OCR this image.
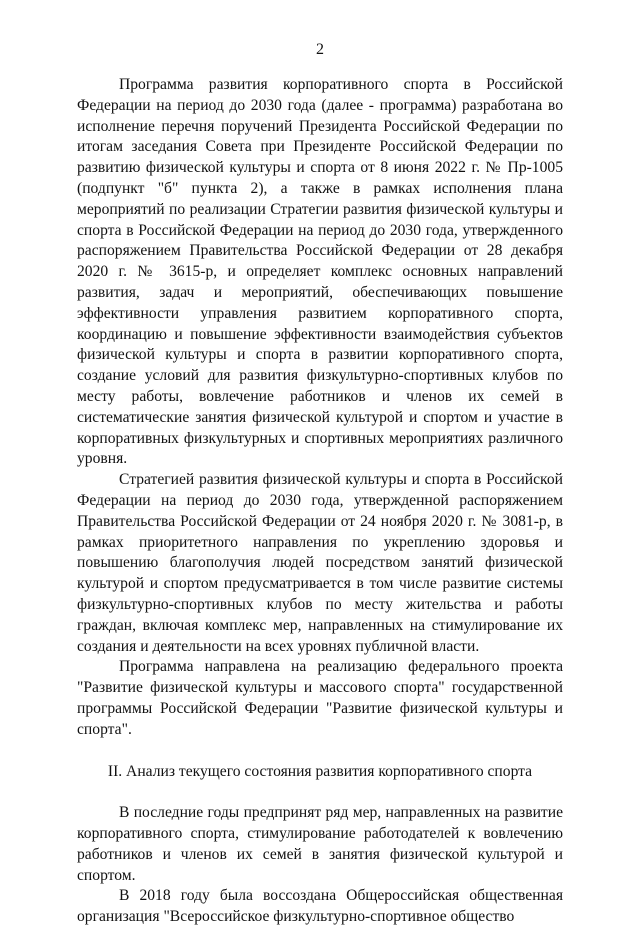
2

Программа развития корпоративного спорта в Российской Федерации на период до 2030 года (далее - программа) разработана во исполнение перечня поручений Президента Российской Федерации по итогам заседания Совета при Президенте Российской Федерации по развитию физической культуры и спорта от 8 июня 2022 г. № Пр-1005 (подпункт "б" пункта 2), а также в рамках исполнения плана мероприятий по реализации Стратегии развития физической культуры и спорта в Российской Федерации на период до 2030 года, утвержденного распоряжением Правительства Российской Федерации от 28 декабря 2020 г. № 3615-р, и определяет комплекс основных направлений развития, задач и мероприятий, обеспечивающих повышение эффективности управления развитием корпоративного спорта, координацию и повышение эффективности взаимодействия субъектов физической культуры и спорта в развитии корпоративного спорта, создание условий для развития физкультурно-спортивных клубов по месту работы, вовлечение работников и членов их семей в систематические занятия физической культурой и спортом и участие в корпоративных физкультурных и спортивных мероприятиях различного уровня.

Стратегией развития физической культуры и спорта в Российской Федерации на период до 2030 года, утвержденной распоряжением Правительства Российской Федерации от 24 ноября 2020 г. № 3081-р, в рамках приоритетного направления по укреплению здоровья и повышению благополучия людей посредством занятий физической культурой и спортом предусматривается в том числе развитие системы физкультурно-спортивных клубов по месту жительства и работы граждан, включая комплекс мер, направленных на стимулирование их создания и деятельности на всех уровнях публичной власти.

Программа направлена на реализацию федерального проекта "Развитие физической культуры и массового спорта" государственной программы Российской Федерации "Развитие физической культуры и спорта".

II. Анализ текущего состояния развития корпоративного спорта

В последние годы предпринят ряд мер, направленных на развитие корпоративного спорта, стимулирование работодателей к вовлечению работников и членов их семей в занятия физической культурой и спортом.

В 2018 году была воссоздана Общероссийская общественная организация "Всероссийское физкультурно-спортивное общество
